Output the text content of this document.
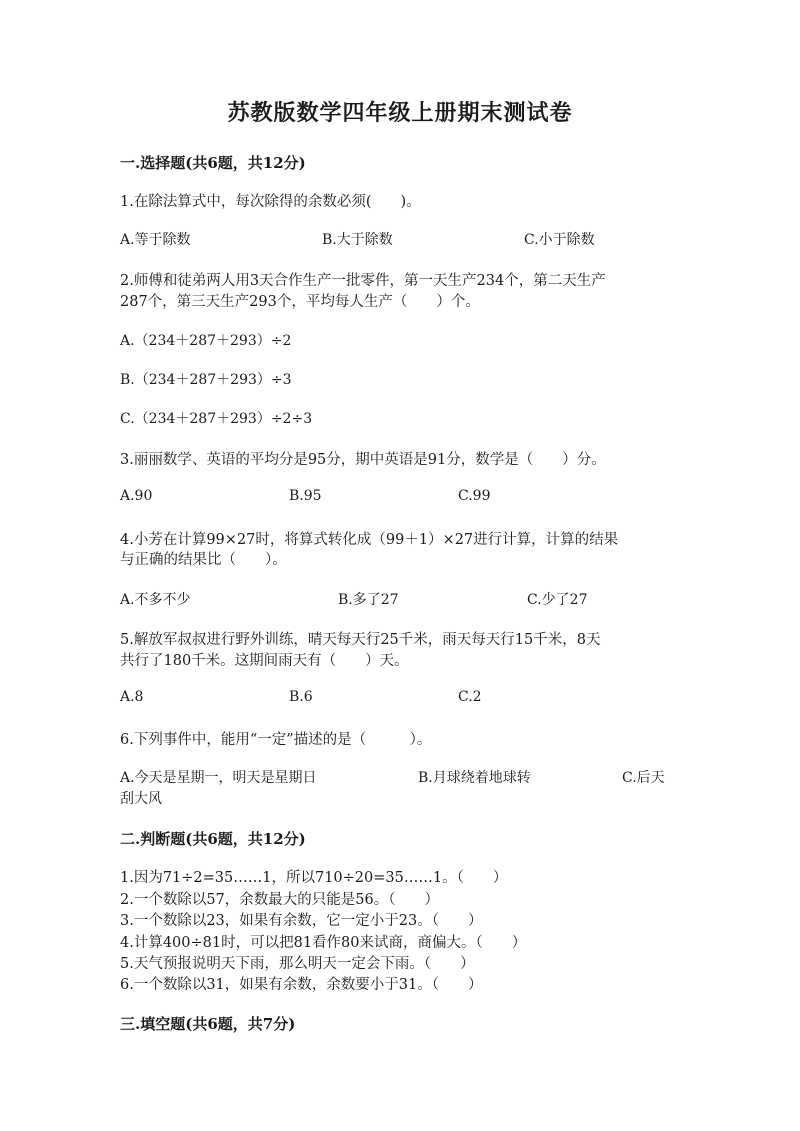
苏教版数学四年级上册期末测试卷
一.选择题(共6题，共12分)
1.在除法算式中，每次除得的余数必须(　　)。
A.等于除数	B.大于除数	C.小于除数
2.师傅和徒弟两人用3天合作生产一批零件，第一天生产234个，第二天生产
287个，第三天生产293个，平均每人生产（　　）个。
A.（234＋287＋293）÷2
B.（234＋287＋293）÷3
C.（234＋287＋293）÷2÷3
3.丽丽数学、英语的平均分是95分，期中英语是91分，数学是（　　）分。
A.90	B.95	C.99
4.小芳在计算99×27时，将算式转化成（99＋1）×27进行计算，计算的结果
与正确的结果比（　　）。
A.不多不少	B.多了27	C.少了27
5.解放军叔叔进行野外训练，晴天每天行25千米，雨天每天行15千米，8天
共行了180千米。这期间雨天有（　　）天。
A.8	B.6	C.2
6.下列事件中，能用“一定”描述的是（　　　）。
A.今天是星期一，明天是星期日	B.月球绕着地球转	C.后天
刮大风
二.判断题(共6题，共12分)
1.因为71÷2=35……1，所以710÷20=35……1。（　　）
2.一个数除以57，余数最大的只能是56。（　　）
3.一个数除以23，如果有余数，它一定小于23。（　　）
4.计算400÷81时，可以把81看作80来试商，商偏大。（　　）
5.天气预报说明天下雨，那么明天一定会下雨。（　　）
6.一个数除以31，如果有余数，余数要小于31。（　　）
三.填空题(共6题，共7分)
